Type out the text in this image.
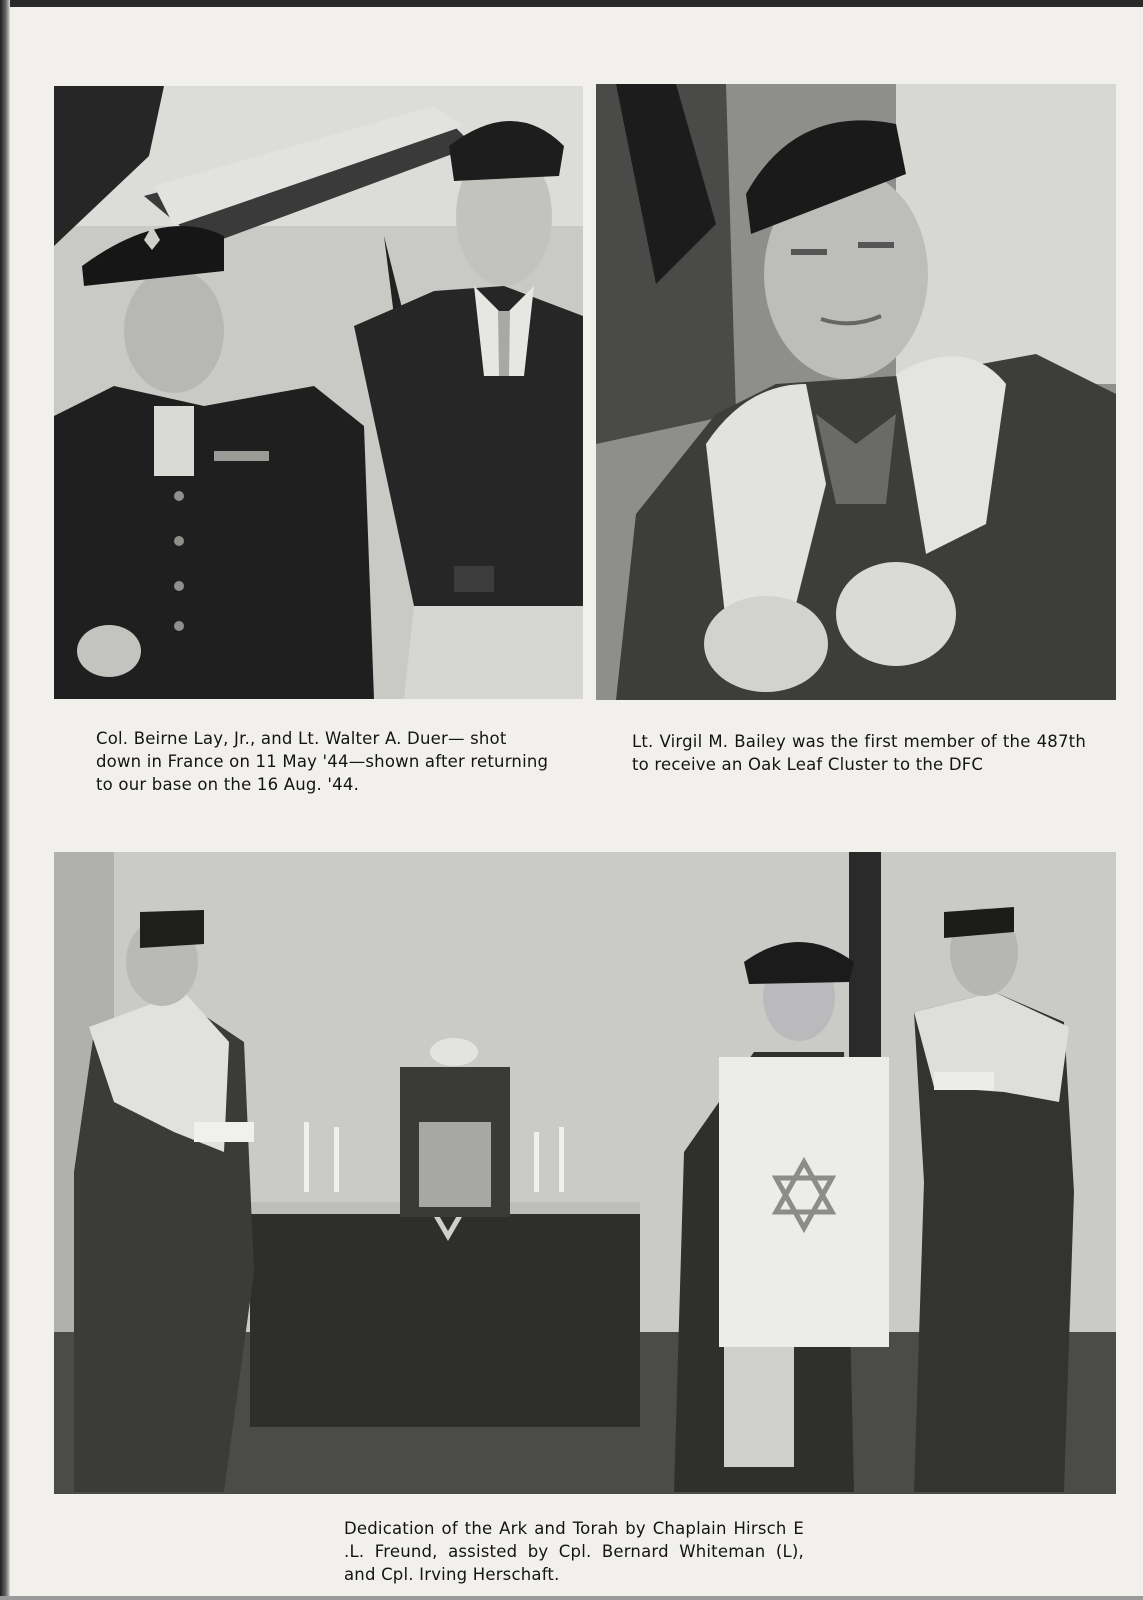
Col. Beirne Lay, Jr., and Lt. Walter A. Duer— shot down in France on 11 May '44—shown after returning to our base on the 16 Aug. '44.

Lt. Virgil M. Bailey was the first member of the 487th to receive an Oak Leaf Cluster to the DFC

Dedication of the Ark and Torah by Chaplain Hirsch E .L. Freund, assisted by Cpl. Bernard Whiteman (L), and Cpl. Irving Herschaft.
